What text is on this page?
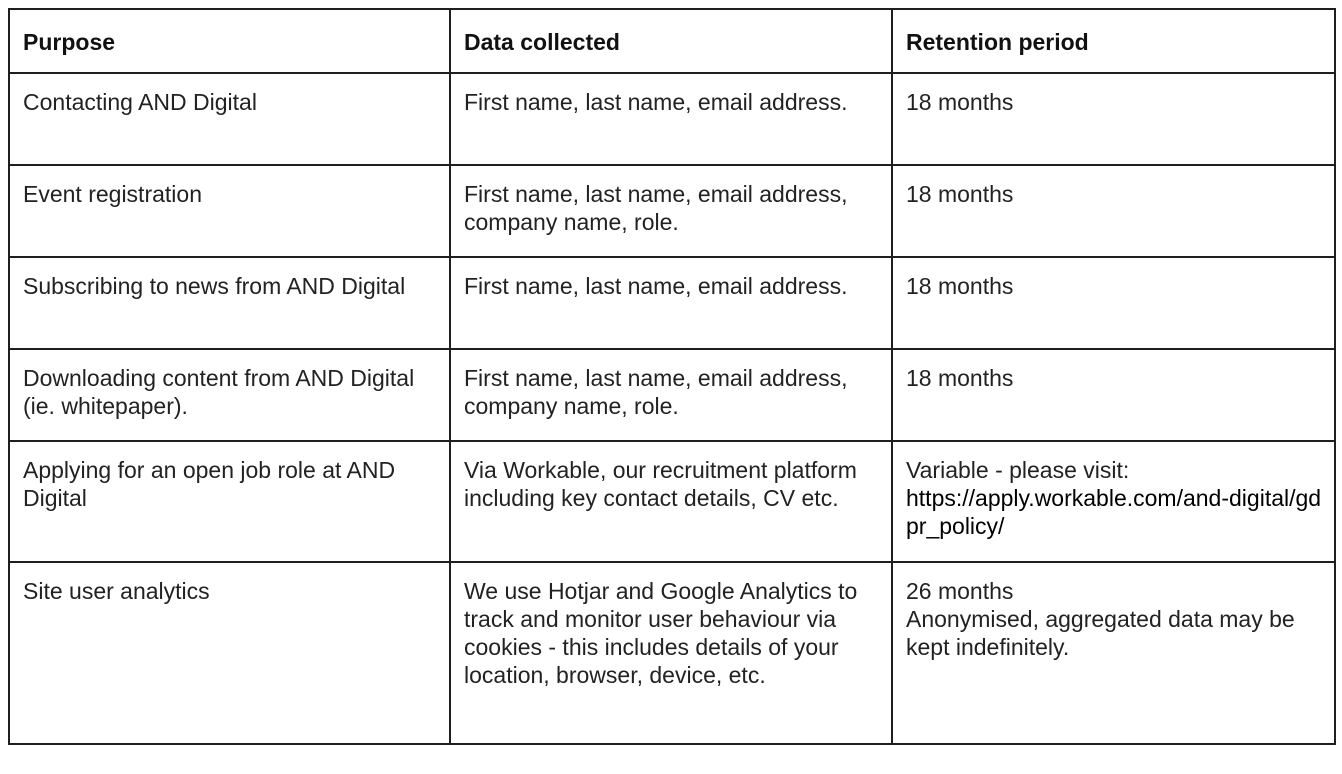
Purpose	Data collected	Retention period
Contacting AND Digital	First name, last name, email address.	18 months

Event registration	First name, last name, email address, company name, role.	18 months

Subscribing to news from AND Digital	First name, last name, email address.	18 months

Downloading content from AND Digital (ie. whitepaper).	First name, last name, email address, company name, role.	18 months

Applying for an open job role at AND Digital	Via Workable, our recruitment platform including key contact details, CV etc.	Variable - please visit:
https://apply.workable.com/and-digital/gdpr_policy/

Site user analytics	We use Hotjar and Google Analytics to track and monitor user behaviour via cookies - this includes details of your location, browser, device, etc.	26 months
Anonymised, aggregated data may be kept indefinitely.
